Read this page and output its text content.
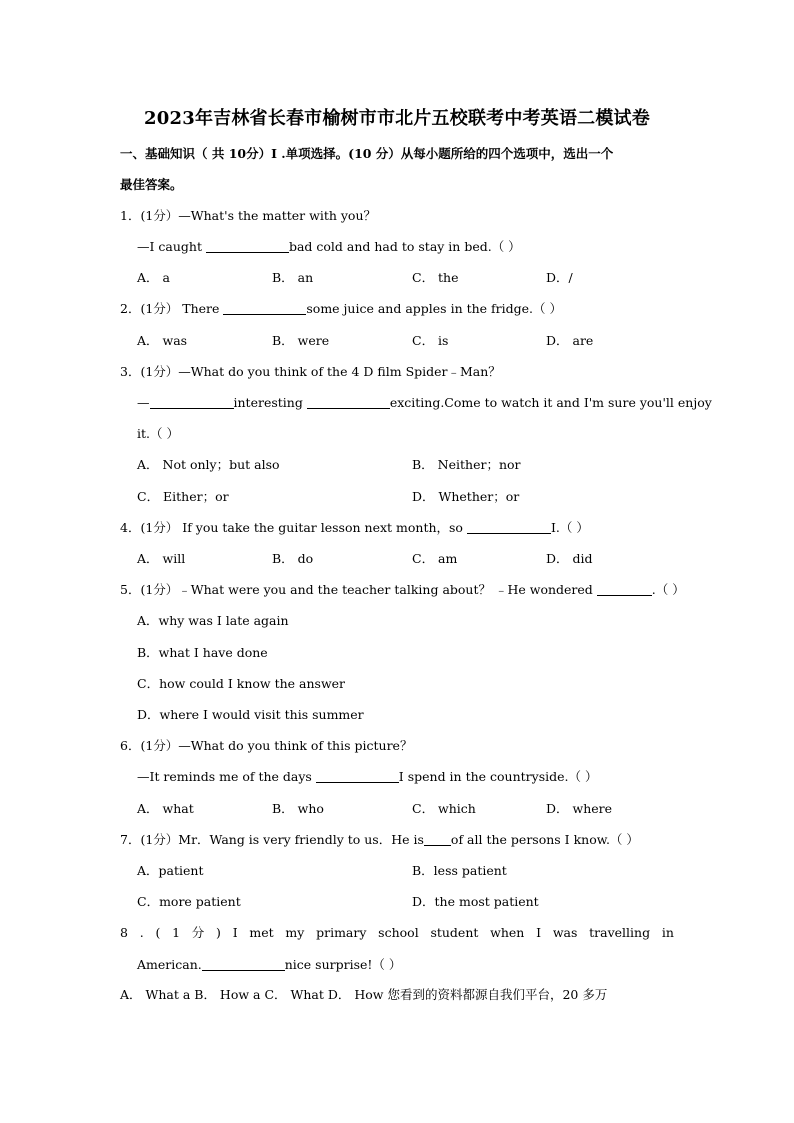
2023年吉林省长春市榆树市市北片五校联考中考英语二模试卷
一、基础知识（ 共 10分）Ⅰ .单项选择。(10 分）从每小题所给的四个选项中，选出一个
最佳答案。
1．(1分）—What's the matter with you？
—I caught	bad cold and had to stay in bed.（ ）
A． a	B． an	C． the	D．/
2．(1分） There	some juice and apples in the fridge.（ ）
A． was	B． were	C． is	D． are
3．(1分）—What do you think of the 4 D film Spider﹣Man？
—	interesting	exciting.Come to watch it and I'm sure you'll enjoy
it.（ ）
A． Not only；but also	B． Neither；nor
C． Either；or	D． Whether；or
4．(1分） If you take the guitar lesson next month，so	I.（ ）
A． will	B． do	C． am	D． did
5．(1分）﹣What were you and the teacher talking about？ ﹣He wondered	.（ ）
A．why was I late again
B．what I have done
C．how could I know the answer
D．where I would visit this summer
6．(1分）—What do you think of this picture？
—It reminds me of the days	I spend in the countryside.（ ）
A． what	B． who	C． which	D． where
7．(1分）Mr．Wang is very friendly to us．He is of all the persons I know.（ ）
A．patient	B．less patient
C．more patient	D．the most patient
8 . ( 1 分 ) I met my primary school student when I was travelling in
American.	nice surprise!（ ）
A． What a B． How a C． What D． How 您看到的资料都源自我们平台，20 多万
